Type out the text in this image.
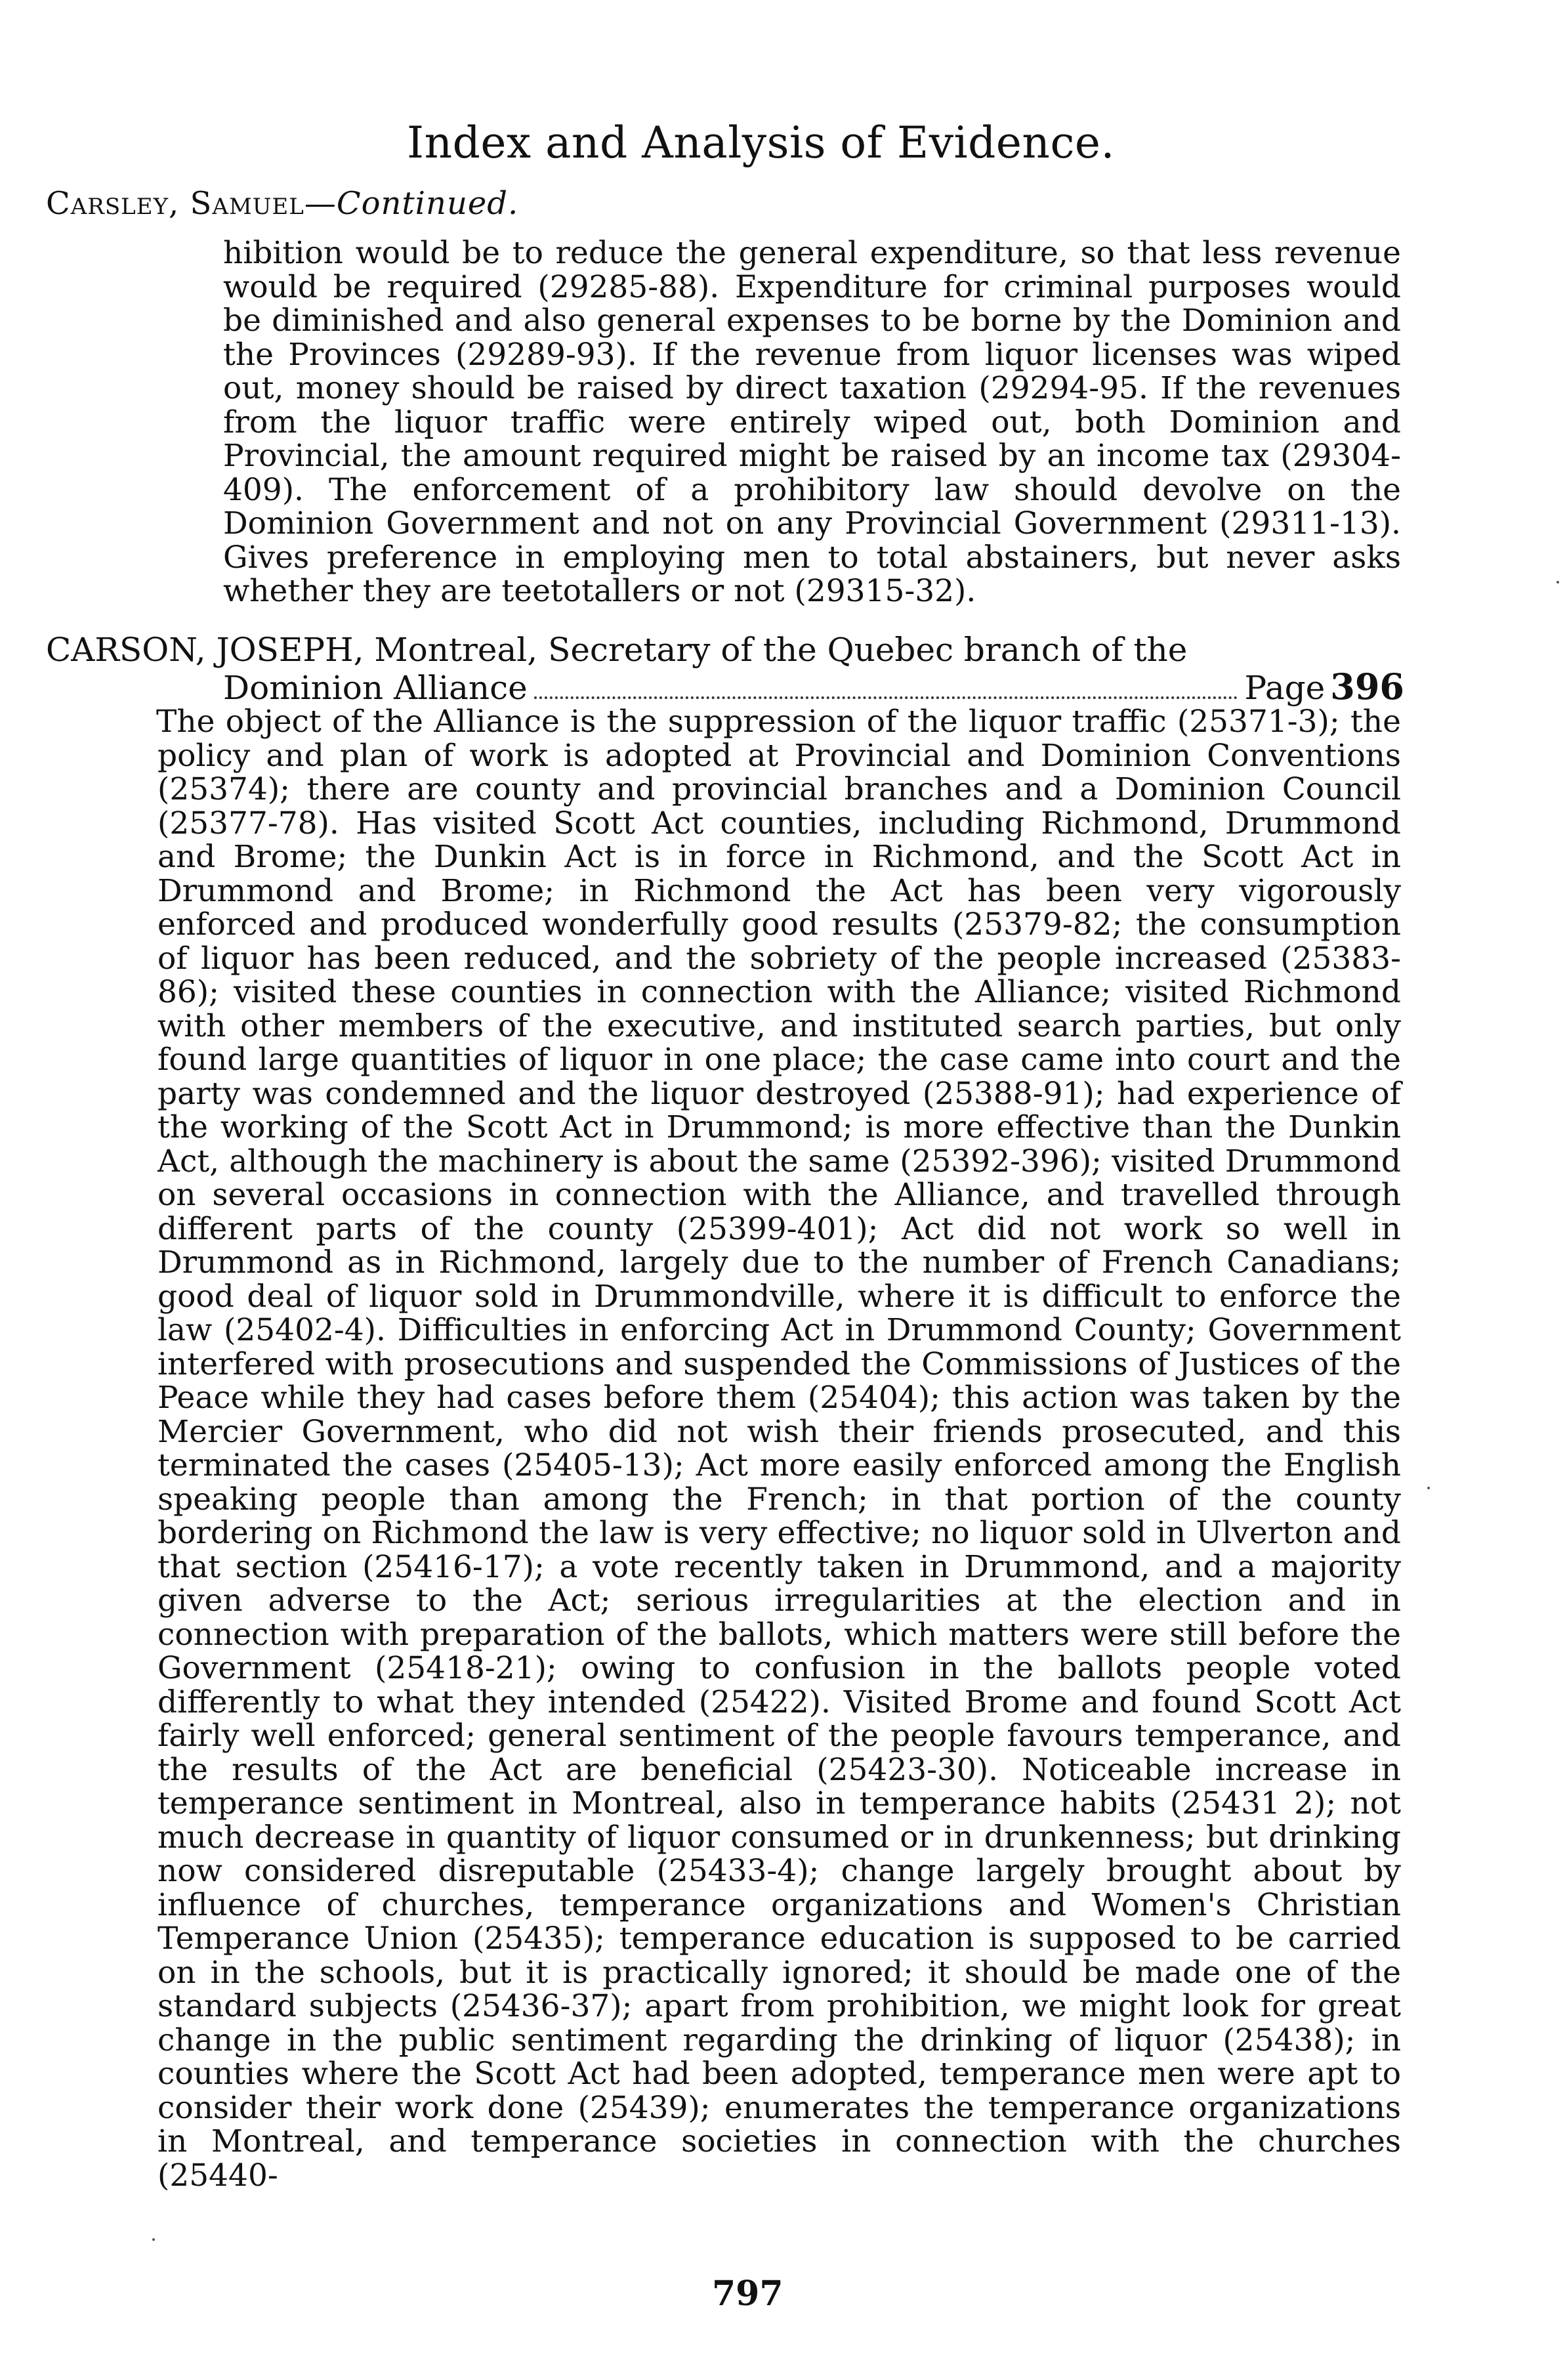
Index and Analysis of Evidence.
Carsley, Samuel—Continued.
hibition would be to reduce the general expenditure, so that less revenue would be required (29285-88). Expenditure for criminal purposes would be diminished and also general expenses to be borne by the Dominion and the Provinces (29289-93). If the revenue from liquor licenses was wiped out, money should be raised by direct taxation (29294-95. If the revenues from the liquor traffic were entirely wiped out, both Dominion and Provincial, the amount required might be raised by an income tax (29304-409). The enforcement of a prohibitory law should devolve on the Dominion Government and not on any Provincial Government (29311-13). Gives preference in employing men to total abstainers, but never asks whether they are teetotallers or not (29315-32).
CARSON, JOSEPH, Montreal, Secretary of the Quebec branch of the
Dominion Alliance	Page 396
The object of the Alliance is the suppression of the liquor traffic (25371-3); the policy and plan of work is adopted at Provincial and Dominion Conventions (25374); there are county and provincial branches and a Dominion Council (25377-78). Has visited Scott Act counties, including Richmond, Drummond and Brome; the Dunkin Act is in force in Richmond, and the Scott Act in Drummond and Brome; in Richmond the Act has been very vigorously enforced and produced wonderfully good results (25379-82; the consumption of liquor has been reduced, and the sobriety of the people increased (25383-86); visited these counties in connection with the Alliance; visited Richmond with other members of the executive, and instituted search parties, but only found large quantities of liquor in one place; the case came into court and the party was condemned and the liquor destroyed (25388-91); had experience of the working of the Scott Act in Drummond; is more effective than the Dunkin Act, although the machinery is about the same (25392-396); visited Drummond on several occasions in connection with the Alliance, and travelled through different parts of the county (25399-401); Act did not work so well in Drummond as in Richmond, largely due to the number of French Canadians; good deal of liquor sold in Drummondville, where it is difficult to enforce the law (25402-4). Difficulties in enforcing Act in Drummond County; Government interfered with prosecutions and suspended the Commissions of Justices of the Peace while they had cases before them (25404); this action was taken by the Mercier Government, who did not wish their friends prosecuted, and this terminated the cases (25405-13); Act more easily enforced among the English speaking people than among the French; in that portion of the county bordering on Richmond the law is very effective; no liquor sold in Ulverton and that section (25416-17); a vote recently taken in Drummond, and a majority given adverse to the Act; serious irregularities at the election and in connection with preparation of the ballots, which matters were still before the Government (25418-21); owing to confusion in the ballots people voted differently to what they intended (25422). Visited Brome and found Scott Act fairly well enforced; general sentiment of the people favours temperance, and the results of the Act are beneficial (25423-30). Noticeable increase in temperance sentiment in Montreal, also in temperance habits (25431 2); not much decrease in quantity of liquor consumed or in drunkenness; but drinking now considered disreputable (25433-4); change largely brought about by influence of churches, temperance organizations and Women's Christian Temperance Union (25435); temperance education is supposed to be carried on in the schools, but it is practically ignored; it should be made one of the standard subjects (25436-37); apart from prohibition, we might look for great change in the public sentiment regarding the drinking of liquor (25438); in counties where the Scott Act had been adopted, temperance men were apt to consider their work done (25439); enumerates the temperance organizations in Montreal, and temperance societies in connection with the churches (25440-
797
